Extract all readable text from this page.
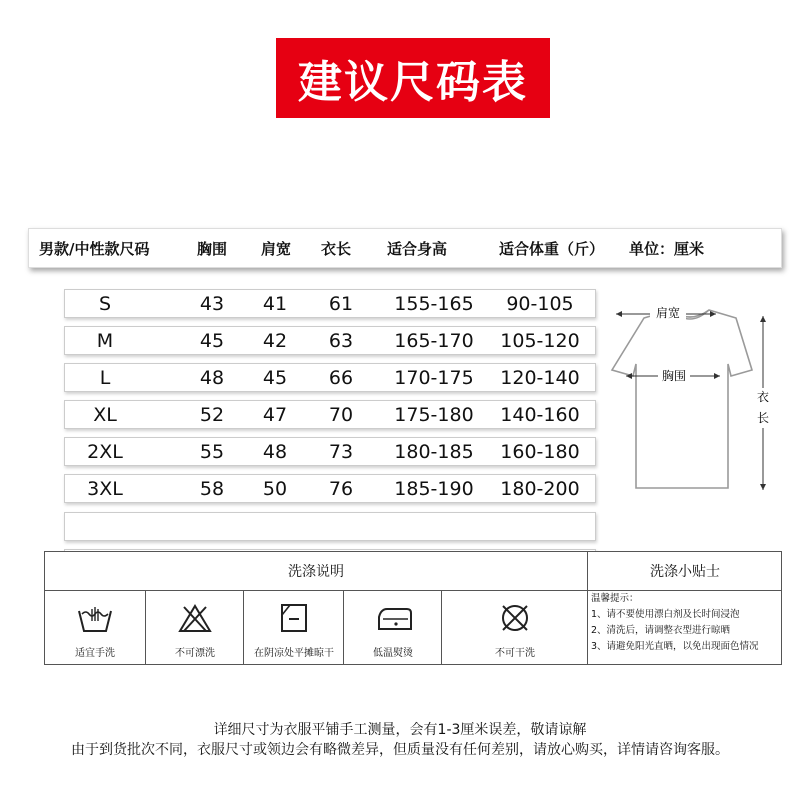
建议尺码表
男款/中性款尺码	胸围 肩宽 衣长 适合身高	适合体重（斤） 单位：厘米
S	43	41	61	155-165	90-105
M	45	42	63	165-170	105-120
L	48	45	66	170-175	120-140
XL	52	47	70	175-180	140-160
2XL	55	48	73	180-185	160-180
3XL	58	50	76	185-190	180-200
肩宽
胸围
衣
长
洗涤说明	洗涤小贴士
适宜手洗	不可漂洗	在阴凉处平摊晾干	低温熨烫	不可干洗
温馨提示：
1、请不要使用漂白剂及长时间浸泡
2、清洗后，请调整衣型进行晾晒
3、请避免阳光直晒，以免出现面色情况
详细尺寸为衣服平铺手工测量，会有1-3厘米误差，敬请谅解
由于到货批次不同，衣服尺寸或领边会有略微差异，但质量没有任何差别，请放心购买，详情请咨询客服。
